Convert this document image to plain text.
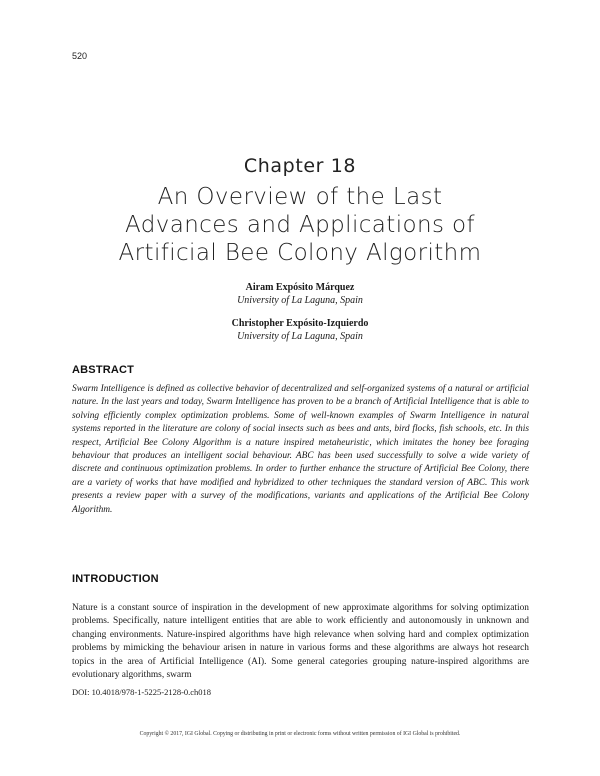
520
Chapter 18
An Overview of the Last
Advances and Applications of
Artificial Bee Colony Algorithm
Airam Expósito Márquez
University of La Laguna, Spain
Christopher Expósito-Izquierdo
University of La Laguna, Spain
ABSTRACT
Swarm Intelligence is defined as collective behavior of decentralized and self-organized systems of a natural or artificial nature. In the last years and today, Swarm Intelligence has proven to be a branch of Artificial Intelligence that is able to solving efficiently complex optimization problems. Some of well-known examples of Swarm Intelligence in natural systems reported in the literature are colony of social insects such as bees and ants, bird flocks, fish schools, etc. In this respect, Artificial Bee Colony Algorithm is a nature inspired metaheuristic, which imitates the honey bee foraging behaviour that produces an intelligent social behaviour. ABC has been used successfully to solve a wide variety of discrete and continuous optimization problems. In order to further enhance the structure of Artificial Bee Colony, there are a variety of works that have modified and hybridized to other techniques the standard version of ABC. This work presents a review paper with a survey of the modifications, variants and applications of the Artificial Bee Colony Algorithm.
INTRODUCTION
Nature is a constant source of inspiration in the development of new approximate algorithms for solving optimization problems. Specifically, nature intelligent entities that are able to work efficiently and autonomously in unknown and changing environments. Nature-inspired algorithms have high relevance when solving hard and complex optimization problems by mimicking the behaviour arisen in nature in various forms and these algorithms are always hot research topics in the area of Artificial Intelligence (AI). Some general categories grouping nature-inspired algorithms are evolutionary algorithms, swarm
DOI: 10.4018/978-1-5225-2128-0.ch018
Copyright © 2017, IGI Global. Copying or distributing in print or electronic forms without written permission of IGI Global is prohibited.
